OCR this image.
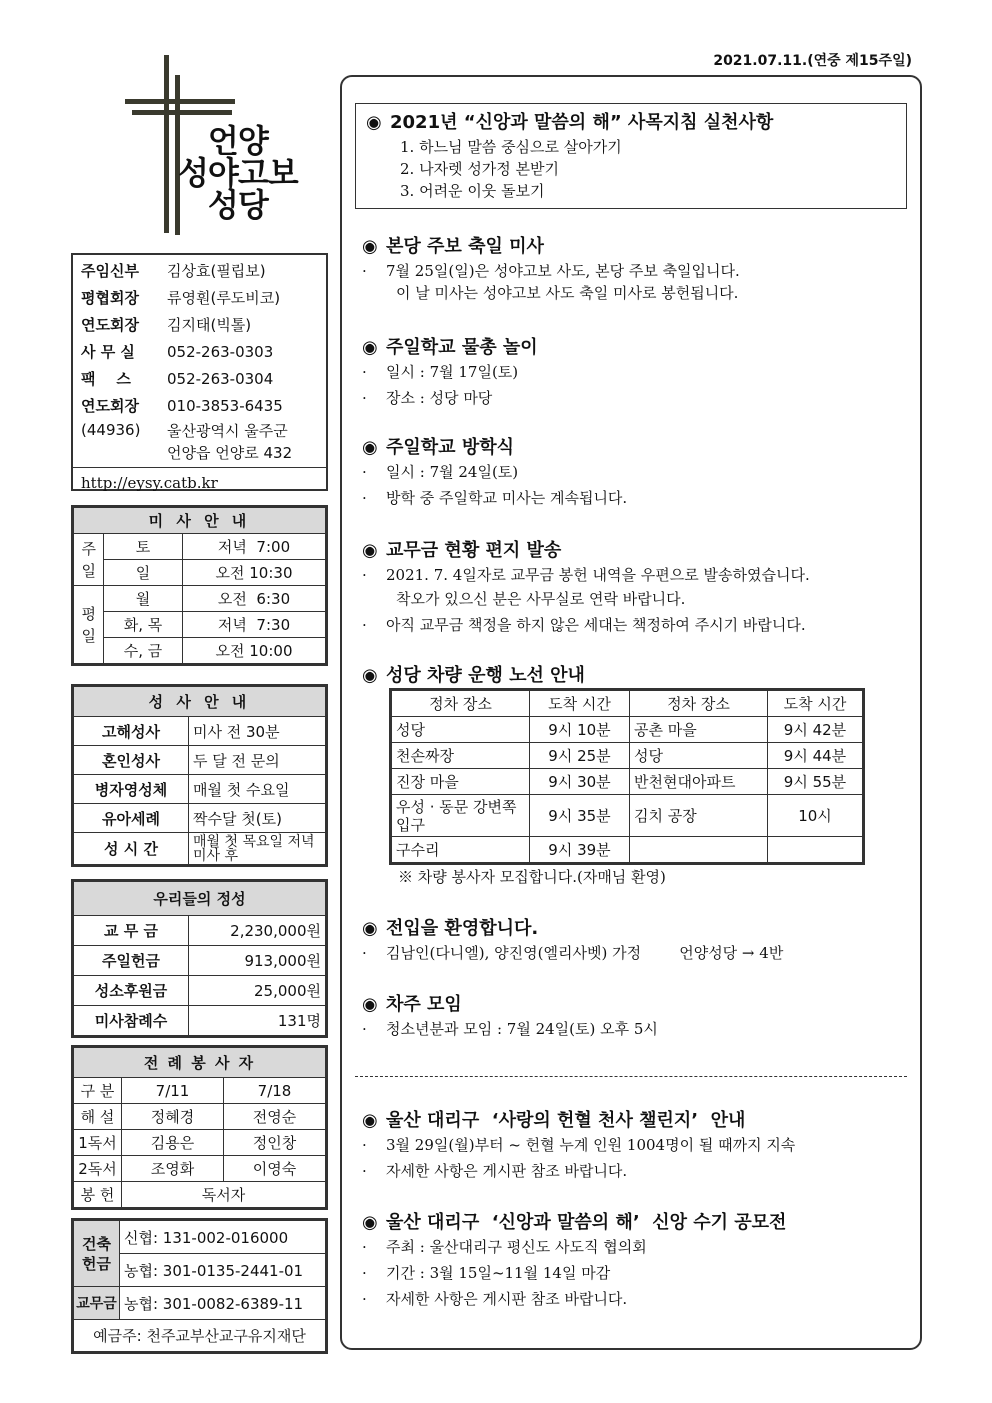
2021.07.11.(연중 제15주일)
언양
성야고보
성당
주임신부	김상효(필립보)
평협회장	류영훤(루도비코)
연도회장	김지태(빅톨)
사 무 실	052-263-0303
팩    스	052-263-0304
연도회장	010-3853-6435
(44936)	울산광역시 울주군
언양읍 언양로 432
http://eysy.catb.kr
미 사 안 내		
주일	토	저녁  7:00
	일	오전 10:30
평일	월	오전  6:30
	화, 목	저녁  7:30
	수, 금	오전 10:00
성 사 안 내	
고해성사	미사 전 30분
혼인성사	두 달 전 문의
병자영성체	매월 첫 수요일
유아세례	짝수달 첫(토)
성 시 간	매월 첫 목요일 저녁미사 후
우리들의 정성	
교 무 금	2,230,000원
주일헌금	913,000원
성소후원금	25,000원
미사참례수	131명
전 례 봉 사 자		
구 분	7/11	7/18
해 설	정혜경	전영순
1독서	김용은	정인창
2독서	조영화	이영숙
봉 헌	독서자	
건축헌금	신협: 131-002-016000
	농협: 301-0135-2441-01
교무금	농협: 301-0082-6389-11
예금주: 천주교부산교구유지재단	
◉ 2021년 “신앙과 말씀의 해” 사목지침 실천사항
1. 하느님 말씀 중심으로 살아가기
2. 나자렛 성가정 본받기
3. 어려운 이웃 돌보기
◉ 본당 주보 축일 미사
· 7월 25일(일)은 성야고보 사도, 본당 주보 축일입니다.
이 날 미사는 성야고보 사도 축일 미사로 봉헌됩니다.
◉ 주일학교 물총 놀이
· 일시 : 7월 17일(토)
· 장소 : 성당 마당
◉ 주일학교 방학식
· 일시 : 7월 24일(토)
· 방학 중 주일학교 미사는 계속됩니다.
◉ 교무금 현황 편지 발송
· 2021. 7. 4일자로 교무금 봉헌 내역을 우편으로 발송하였습니다.
착오가 있으신 분은 사무실로 연락 바랍니다.
· 아직 교무금 책정을 하지 않은 세대는 책정하여 주시기 바랍니다.
◉ 성당 차량 운행 노선 안내
정차 장소	도착 시간	정차 장소	도착 시간
성당	9시 10분	공촌 마을	9시 42분
천손짜장	9시 25분	성당	9시 44분
진장 마을	9시 30분	반천현대아파트	9시 55분
우성 · 동문 강변쪽 입구	9시 35분	김치 공장	10시
구수리	9시 39분		
※ 차량 봉사자 모집합니다.(자매님 환영)
◉ 전입을 환영합니다.
· 김남인(다니엘), 양진영(엘리사벳) 가정        언양성당 → 4반
◉ 차주 모임
· 청소년분과 모임 : 7월 24일(토) 오후 5시
◉ 울산 대리구  ‘사랑의 헌혈 천사 챌린지’  안내
· 3월 29일(월)부터 ~ 헌혈 누계 인원 1004명이 될 때까지 지속
· 자세한 사항은 게시판 참조 바랍니다.
◉ 울산 대리구  ‘신앙과 말씀의 해’  신앙 수기 공모전
· 주최 : 울산대리구 평신도 사도직 협의회
· 기간 : 3월 15일~11월 14일 마감
· 자세한 사항은 게시판 참조 바랍니다.
